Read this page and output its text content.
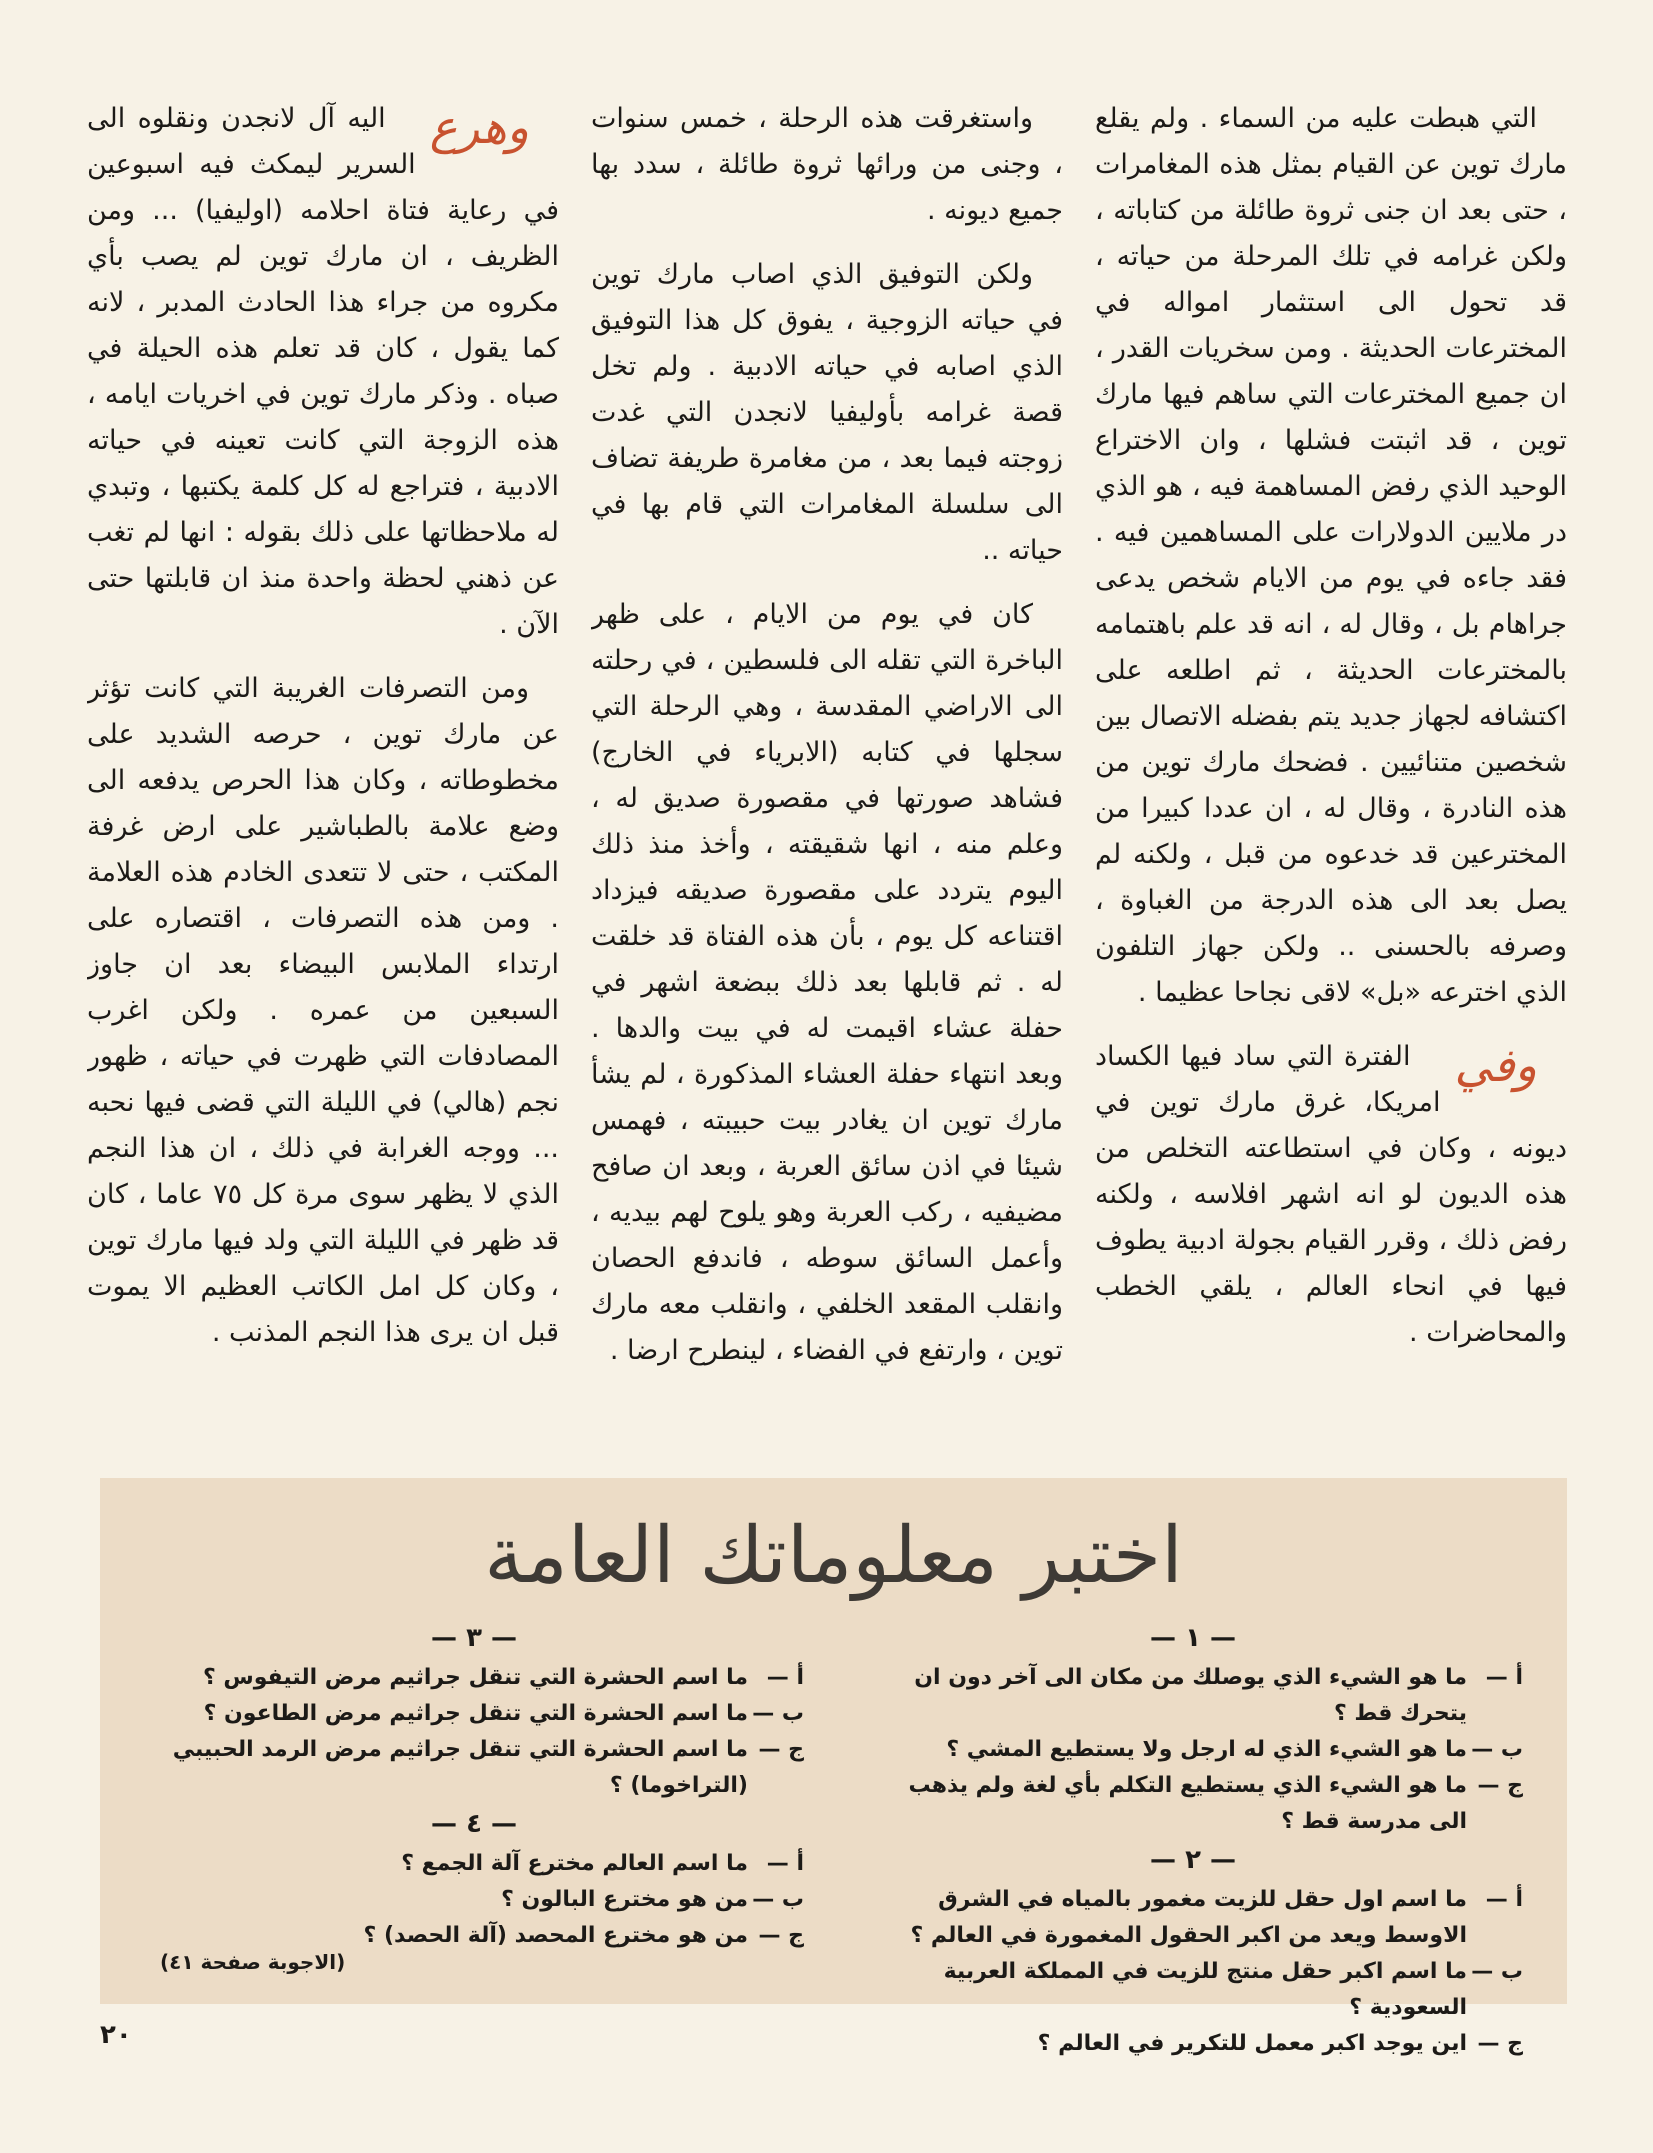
التي هبطت عليه من السماء . ولم يقلع مارك توين عن القيام بمثل هذه المغامرات ، حتى بعد ان جنى ثروة طائلة من كتاباته ، ولكن غرامه في تلك المرحلة من حياته ، قد تحول الى استثمار امواله في المخترعات الحديثة . ومن سخريات القدر ، ان جميع المخترعات التي ساهم فيها مارك توين ، قد اثبتت فشلها ، وان الاختراع الوحيد الذي رفض المساهمة فيه ، هو الذي در ملايين الدولارات على المساهمين فيه . فقد جاءه في يوم من الايام شخص يدعى جراهام بل ، وقال له ، انه قد علم باهتمامه بالمخترعات الحديثة ، ثم اطلعه على اكتشافه لجهاز جديد يتم بفضله الاتصال بين شخصين متنائيين . فضحك مارك توين من هذه النادرة ، وقال له ، ان عددا كبيرا من المخترعين قد خدعوه من قبل ، ولكنه لم يصل بعد الى هذه الدرجة من الغباوة ، وصرفه بالحسنى .. ولكن جهاز التلفون الذي اخترعه «بل» لاقى نجاحا عظيما .

وفي
الفترة التي ساد فيها الكساد امريكا، غرق مارك توين في ديونه ، وكان في استطاعته التخلص من هذه الديون لو انه اشهر افلاسه ، ولكنه رفض ذلك ، وقرر القيام بجولة ادبية يطوف فيها في انحاء العالم ، يلقي الخطب والمحاضرات .

واستغرقت هذه الرحلة ، خمس سنوات ، وجنى من ورائها ثروة طائلة ، سدد بها جميع ديونه .

ولكن التوفيق الذي اصاب مارك توين في حياته الزوجية ، يفوق كل هذا التوفيق الذي اصابه في حياته الادبية . ولم تخل قصة غرامه بأوليفيا لانجدن التي غدت زوجته فيما بعد ، من مغامرة طريفة تضاف الى سلسلة المغامرات التي قام بها في حياته ..

كان في يوم من الايام ، على ظهر الباخرة التي تقله الى فلسطين ، في رحلته الى الاراضي المقدسة ، وهي الرحلة التي سجلها في كتابه (الابرياء في الخارج) فشاهد صورتها في مقصورة صديق له ، وعلم منه ، انها شقيقته ، وأخذ منذ ذلك اليوم يتردد على مقصورة صديقه فيزداد اقتناعه كل يوم ، بأن هذه الفتاة قد خلقت له . ثم قابلها بعد ذلك ببضعة اشهر في حفلة عشاء اقيمت له في بيت والدها . وبعد انتهاء حفلة العشاء المذكورة ، لم يشأ مارك توين ان يغادر بيت حبيبته ، فهمس شيئا في اذن سائق العربة ، وبعد ان صافح مضيفيه ، ركب العربة وهو يلوح لهم بيديه ، وأعمل السائق سوطه ، فاندفع الحصان وانقلب المقعد الخلفي ، وانقلب معه مارك توين ، وارتفع في الفضاء ، لينطرح ارضا .

وهرع
اليه آل لانجدن ونقلوه الى السرير ليمكث فيه اسبوعين في رعاية فتاة احلامه (اوليفيا) ... ومن الظريف ، ان مارك توين لم يصب بأي مكروه من جراء هذا الحادث المدبر ، لانه كما يقول ، كان قد تعلم هذه الحيلة في صباه . وذكر مارك توين في اخريات ايامه ، هذه الزوجة التي كانت تعينه في حياته الادبية ، فتراجع له كل كلمة يكتبها ، وتبدي له ملاحظاتها على ذلك بقوله : انها لم تغب عن ذهني لحظة واحدة منذ ان قابلتها حتى الآن .

ومن التصرفات الغريبة التي كانت تؤثر عن مارك توين ، حرصه الشديد على مخطوطاته ، وكان هذا الحرص يدفعه الى وضع علامة بالطباشير على ارض غرفة المكتب ، حتى لا تتعدى الخادم هذه العلامة . ومن هذه التصرفات ، اقتصاره على ارتداء الملابس البيضاء بعد ان جاوز السبعين من عمره . ولكن اغرب المصادفات التي ظهرت في حياته ، ظهور نجم (هالي) في الليلة التي قضى فيها نحبه ... ووجه الغرابة في ذلك ، ان هذا النجم الذي لا يظهر سوى مرة كل ٧٥ عاما ، كان قد ظهر في الليلة التي ولد فيها مارك توين ، وكان كل امل الكاتب العظيم الا يموت قبل ان يرى هذا النجم المذنب .

اختبر معلوماتك العامة
— ١ —
أ —
ما هو الشيء الذي يوصلك من مكان الى آخر دون ان يتحرك قط ؟
ب —
ما هو الشيء الذي له ارجل ولا يستطيع المشي ؟
ج —
ما هو الشيء الذي يستطيع التكلم بأي لغة ولم يذهب الى مدرسة قط ؟
— ٢ —
أ —
ما اسم اول حقل للزيت مغمور بالمياه في الشرق الاوسط ويعد من اكبر الحقول المغمورة في العالم ؟
ب —
ما اسم اكبر حقل منتج للزيت في المملكة العربية السعودية ؟
ج —
اين يوجد اكبر معمل للتكرير في العالم ؟
— ٣ —
أ —
ما اسم الحشرة التي تنقل جراثيم مرض التيفوس ؟
ب —
ما اسم الحشرة التي تنقل جراثيم مرض الطاعون ؟
ج —
ما اسم الحشرة التي تنقل جراثيم مرض الرمد الحبيبي (التراخوما) ؟
— ٤ —
أ —
ما اسم العالم مخترع آلة الجمع ؟
ب —
من هو مخترع البالون ؟
ج —
من هو مخترع المحصد (آلة الحصد) ؟
(الاجوبة صفحة ٤١)
٢٠
